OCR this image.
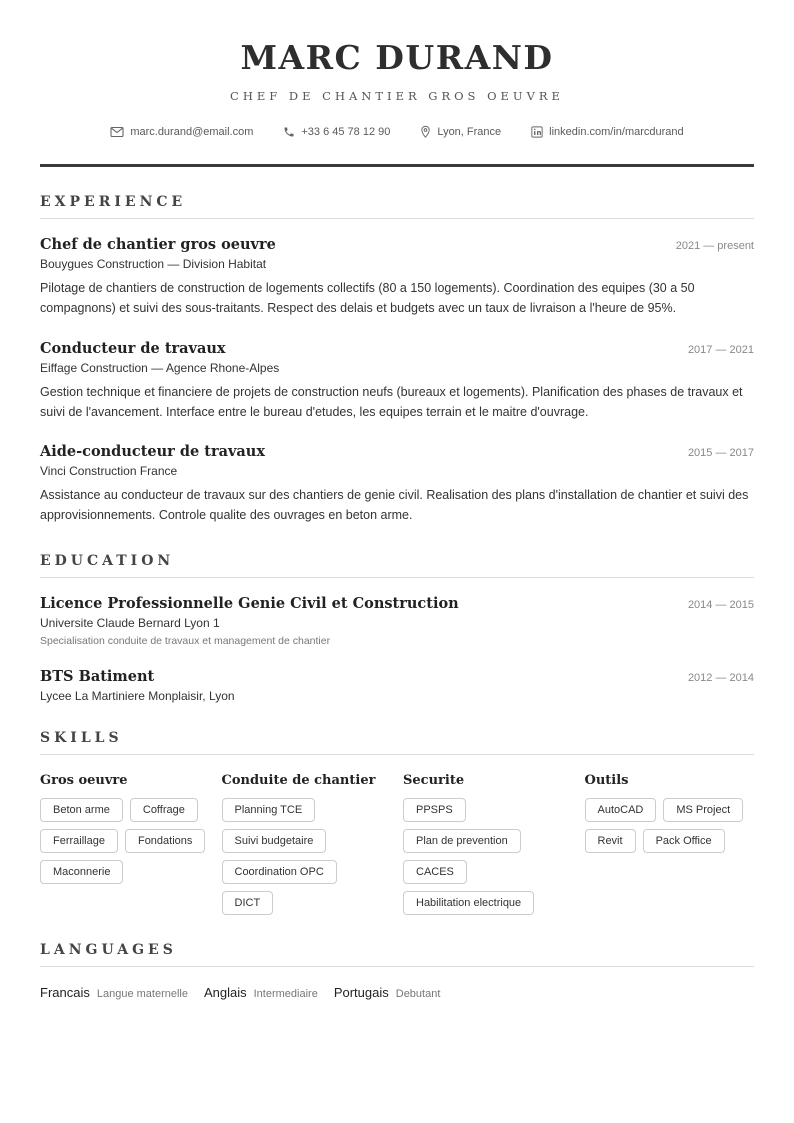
MARC DURAND
CHEF DE CHANTIER GROS OEUVRE
marc.durand@email.com	+33 6 45 78 12 90	Lyon, France	linkedin.com/in/marcdurand
EXPERIENCE
Chef de chantier gros oeuvre	2021 — present
Bouygues Construction — Division Habitat
Pilotage de chantiers de construction de logements collectifs (80 a 150 logements). Coordination des equipes (30 a 50 compagnons) et suivi des sous-traitants. Respect des delais et budgets avec un taux de livraison a l'heure de 95%.
Conducteur de travaux	2017 — 2021
Eiffage Construction — Agence Rhone-Alpes
Gestion technique et financiere de projets de construction neufs (bureaux et logements). Planification des phases de travaux et suivi de l'avancement. Interface entre le bureau d'etudes, les equipes terrain et le maitre d'ouvrage.
Aide-conducteur de travaux	2015 — 2017
Vinci Construction France
Assistance au conducteur de travaux sur des chantiers de genie civil. Realisation des plans d'installation de chantier et suivi des approvisionnements. Controle qualite des ouvrages en beton arme.
EDUCATION
Licence Professionnelle Genie Civil et Construction	2014 — 2015
Universite Claude Bernard Lyon 1
Specialisation conduite de travaux et management de chantier
BTS Batiment	2012 — 2014
Lycee La Martiniere Monplaisir, Lyon
SKILLS
Gros oeuvre
Beton arme	Coffrage
Ferraillage	Fondations
Maconnerie
Conduite de chantier
Planning TCE
Suivi budgetaire
Coordination OPC
DICT
Securite
PPSPS
Plan de prevention
CACES
Habilitation electrique
Outils
AutoCAD	MS Project
Revit	Pack Office
LANGUAGES
Francais Langue maternelle Anglais Intermediaire Portugais Debutant
